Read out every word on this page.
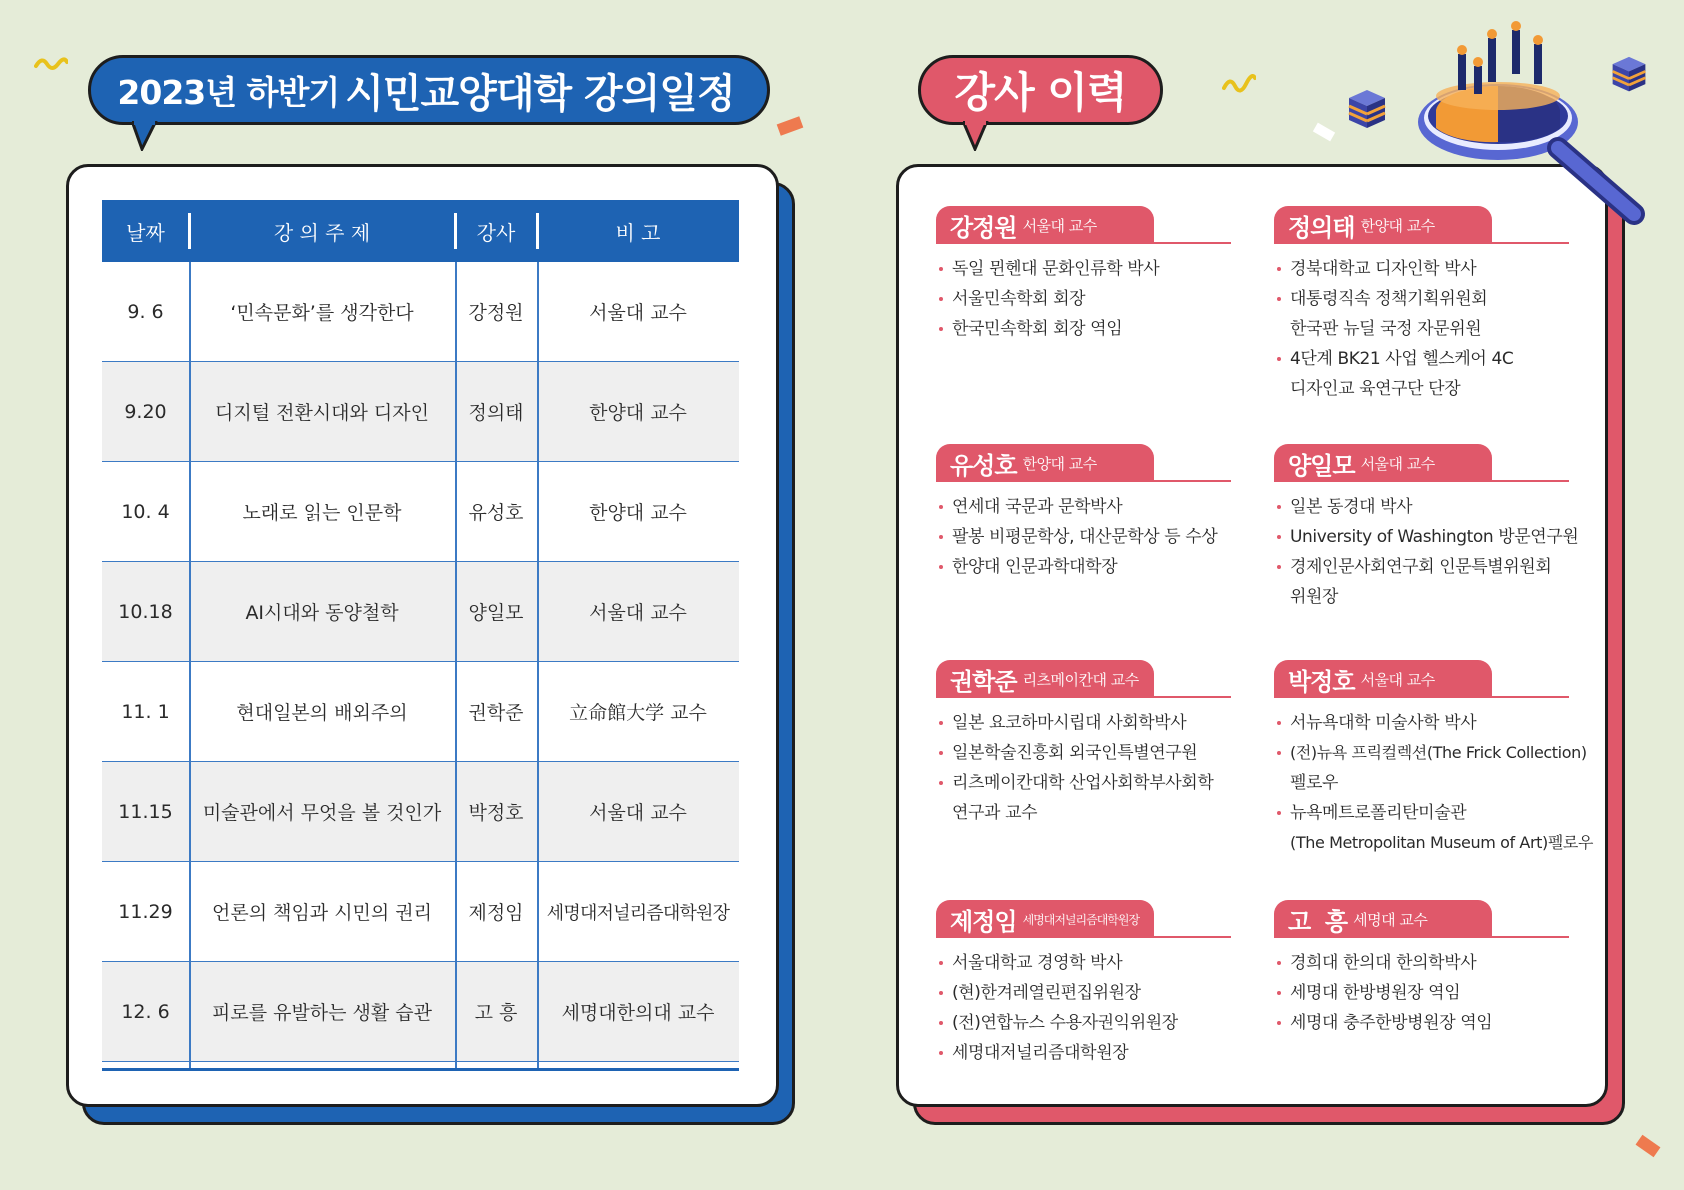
2023년 하반기 시민교양대학 강의일정
날짜	강 의 주 제	강사	비 고
9. 6	‘민속문화’를 생각한다	강정원	서울대 교수
9.20	디지털 전환시대와 디자인	정의태	한양대 교수
10. 4	노래로 읽는 인문학	유성호	한양대 교수
10.18	AI시대와 동양철학	양일모	서울대 교수
11. 1	현대일본의 배외주의	권학준	立命館大学 교수
11.15	미술관에서 무엇을 볼 것인가	박정호	서울대 교수
11.29	언론의 책임과 시민의 권리	제정임	세명대저널리즘대학원장
12. 6	피로를 유발하는 생활 습관	고 흥	세명대한의대 교수
강사 이력
강정원 서울대 교수
독일 뮌헨대 문화인류학 박사
서울민속학회 회장
한국민속학회 회장 역임
정의태 한양대 교수
경북대학교 디자인학 박사
대통령직속 정책기획위원회
한국판 뉴딜 국정 자문위원
4단계 BK21 사업 헬스케어 4C
디자인교 육연구단 단장
유성호 한양대 교수
연세대 국문과 문학박사
팔봉 비평문학상, 대산문학상 등 수상
한양대 인문과학대학장
양일모 서울대 교수
일본 동경대 박사
University of Washington 방문연구원
경제인문사회연구회 인문특별위원회
위원장
권학준 리츠메이칸대 교수
일본 요코하마시립대 사회학박사
일본학술진흥회 외국인특별연구원
리츠메이칸대학 산업사회학부사회학
연구과 교수
박정호 서울대 교수
서뉴욕대학 미술사학 박사
(전)뉴욕 프릭컬렉션(The Frick Collection)
펠로우
뉴욕메트로폴리탄미술관
(The Metropolitan Museum of Art)펠로우
제정임 세명대저널리즘대학원장
서울대학교 경영학 박사
(현)한겨레열린편집위원장
(전)연합뉴스 수용자권익위원장
세명대저널리즘대학원장
고  흥 세명대 교수
경희대 한의대 한의학박사
세명대 한방병원장 역임
세명대 충주한방병원장 역임
